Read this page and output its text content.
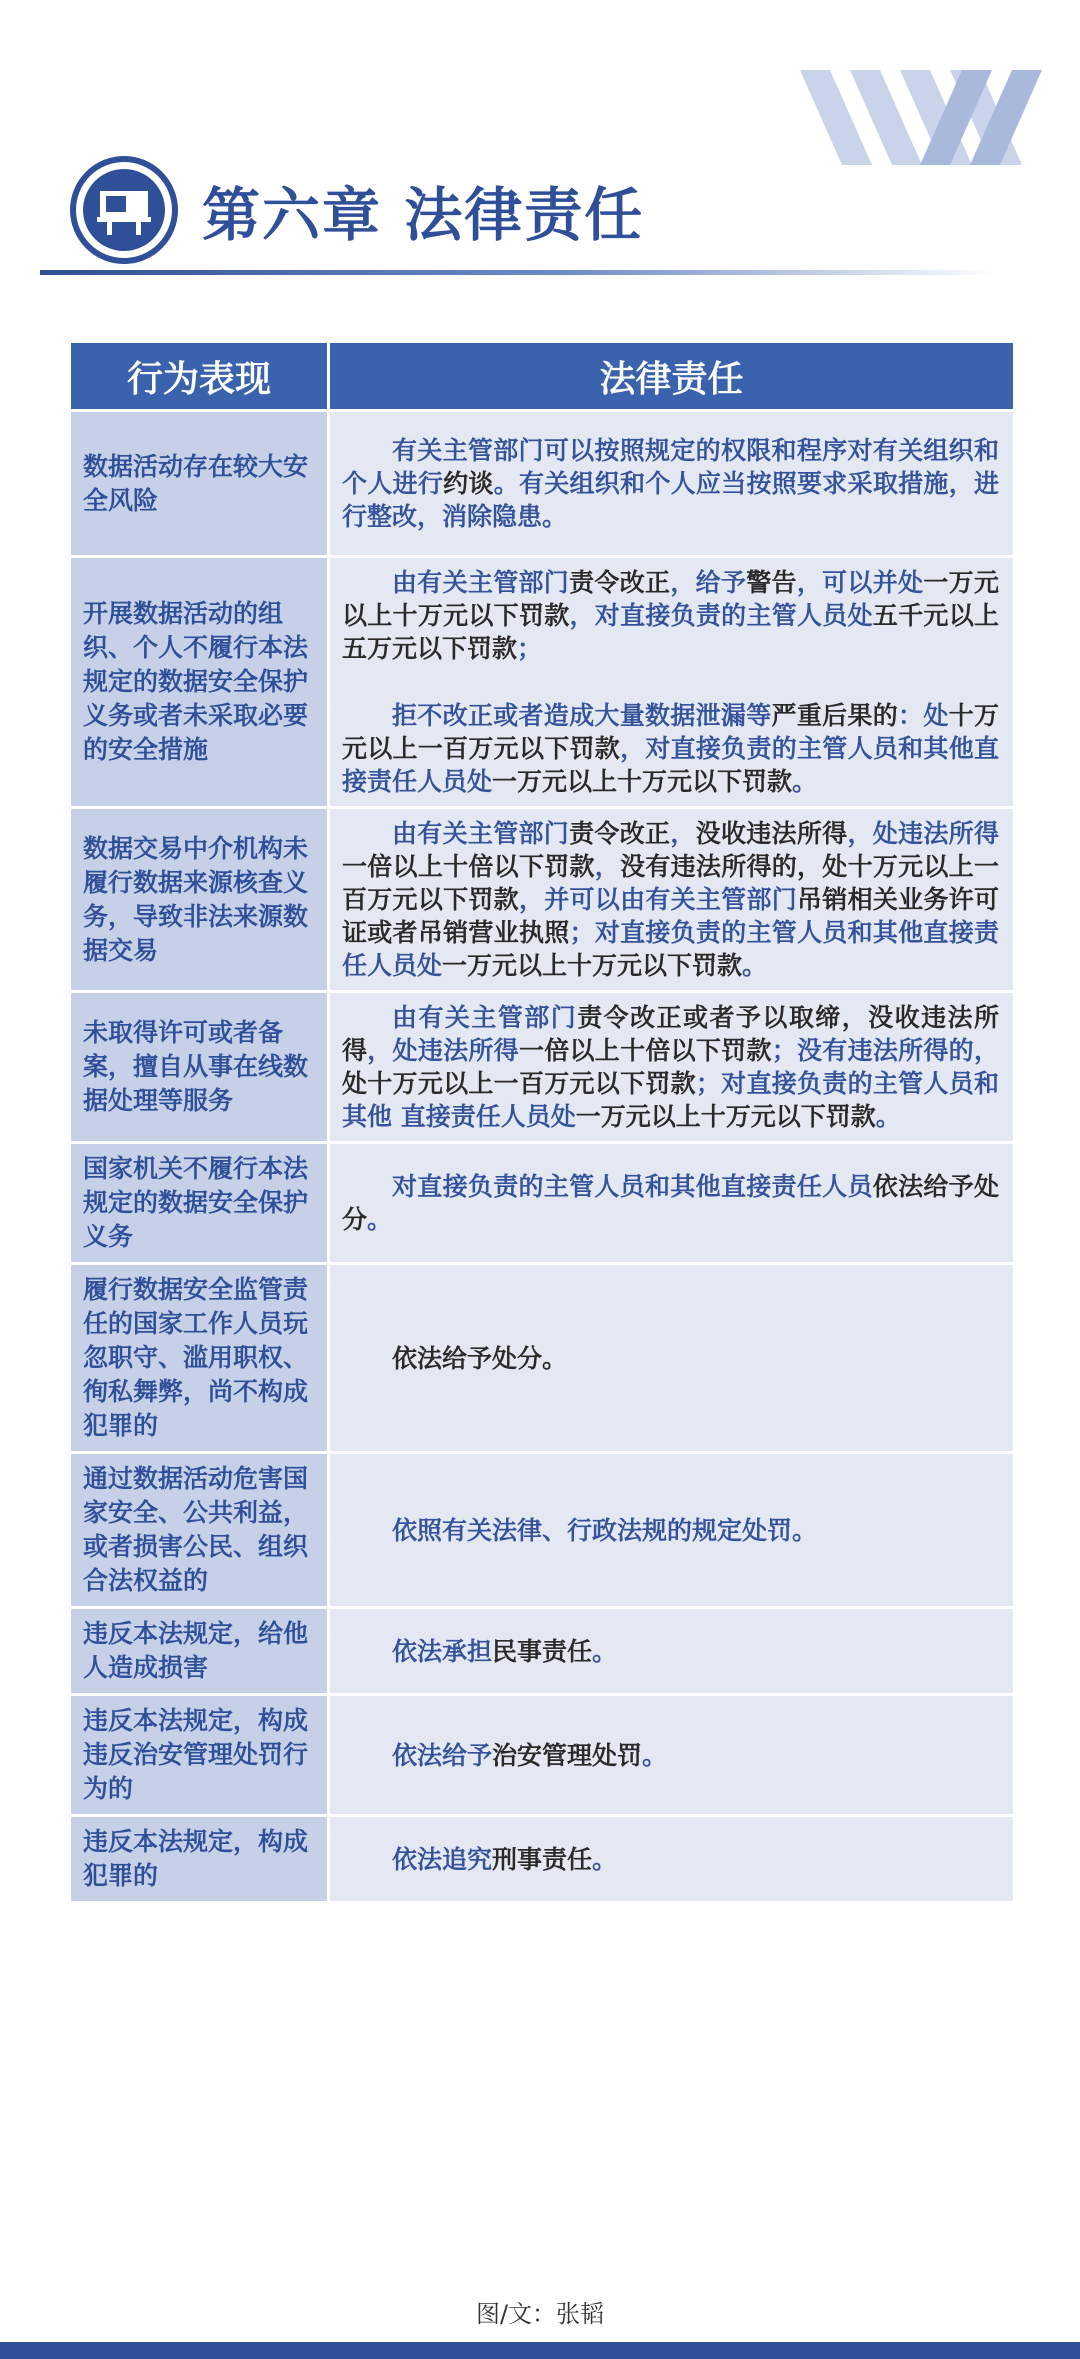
第六章 法律责任
行为表现	法律责任
数据活动存在较大安全风险	有关主管部门可以按照规定的权限和程序对有关组织和个人进行约谈。有关组织和个人应当按照要求采取措施，进行整改，消除隐患。

开展数据活动的组织、个人不履行本法规定的数据安全保护义务或者未采取必要的安全措施	由有关主管部门责令改正，给予警告，可以并处一万元以上十万元以下罚款，对直接负责的主管人员处五千元以上五万元以下罚款；

拒不改正或者造成大量数据泄漏等严重后果的：处十万元以上一百万元以下罚款，对直接负责的主管人员和其他直接责任人员处一万元以上十万元以下罚款。

数据交易中介机构未履行数据来源核查义务，导致非法来源数据交易	由有关主管部门责令改正，没收违法所得，处违法所得一倍以上十倍以下罚款，没有违法所得的，处十万元以上一百万元以下罚款，并可以由有关主管部门吊销相关业务许可证或者吊销营业执照；对直接负责的主管人员和其他直接责任人员处一万元以上十万元以下罚款。

未取得许可或者备案，擅自从事在线数据处理等服务	由有关主管部门责令改正或者予以取缔，没收违法所得，处违法所得一倍以上十倍以下罚款；没有违法所得的，处十万元以上一百万元以下罚款；对直接负责的主管人员和其他 直接责任人员处一万元以上十万元以下罚款。

国家机关不履行本法规定的数据安全保护义务	对直接负责的主管人员和其他直接责任人员依法给予处分。

履行数据安全监管责任的国家工作人员玩忽职守、滥用职权、徇私舞弊，尚不构成犯罪的	依法给予处分。

通过数据活动危害国家安全、公共利益，或者损害公民、组织合法权益的	依照有关法律、行政法规的规定处罚。

违反本法规定，给他人造成损害	依法承担民事责任。

违反本法规定，构成违反治安管理处罚行为的	依法给予治安管理处罚。

违反本法规定，构成犯罪的	依法追究刑事责任。

图/文：张韬
